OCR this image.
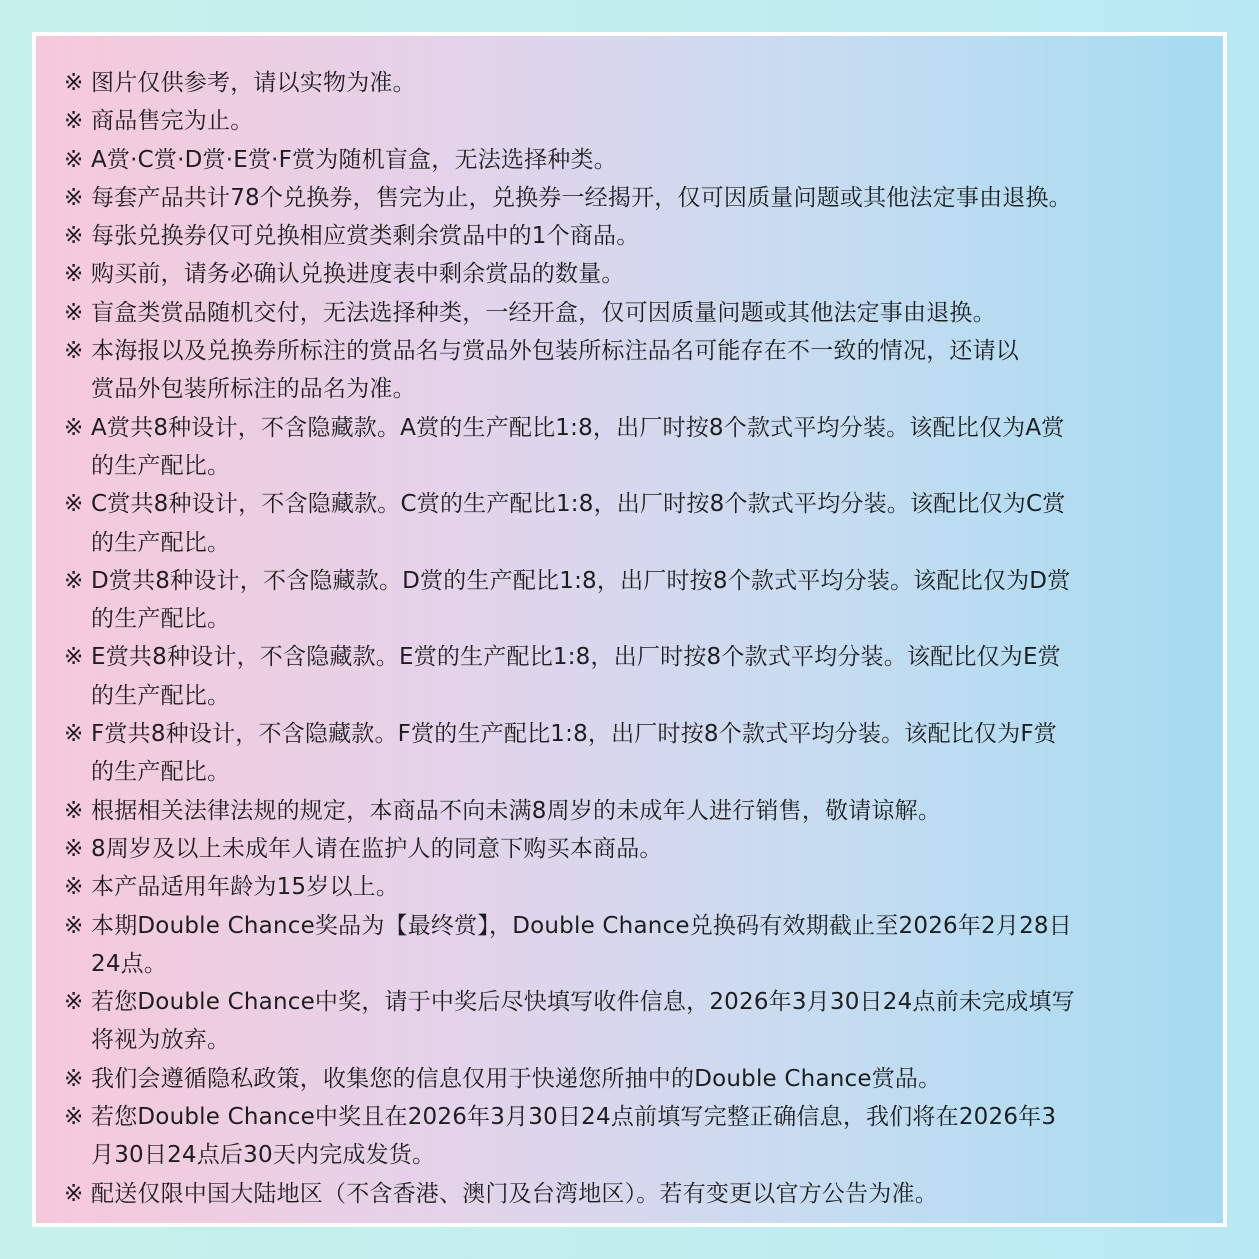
※ 图片仅供参考，请以实物为准。
※ 商品售完为止。
※ A赏·C赏·D赏·E赏·F赏为随机盲盒，无法选择种类。
※ 每套产品共计78个兑换券，售完为止，兑换券一经揭开，仅可因质量问题或其他法定事由退换。
※ 每张兑换券仅可兑换相应赏类剩余赏品中的1个商品。
※ 购买前，请务必确认兑换进度表中剩余赏品的数量。
※ 盲盒类赏品随机交付，无法选择种类，一经开盒，仅可因质量问题或其他法定事由退换。
※ 本海报以及兑换券所标注的赏品名与赏品外包装所标注品名可能存在不一致的情况，还请以
赏品外包装所标注的品名为准。
※ A赏共8种设计，不含隐藏款。A赏的生产配比1:8，出厂时按8个款式平均分装。该配比仅为A赏
的生产配比。
※ C赏共8种设计，不含隐藏款。C赏的生产配比1:8，出厂时按8个款式平均分装。该配比仅为C赏
的生产配比。
※ D赏共8种设计，不含隐藏款。D赏的生产配比1:8，出厂时按8个款式平均分装。该配比仅为D赏
的生产配比。
※ E赏共8种设计，不含隐藏款。E赏的生产配比1:8，出厂时按8个款式平均分装。该配比仅为E赏
的生产配比。
※ F赏共8种设计，不含隐藏款。F赏的生产配比1:8，出厂时按8个款式平均分装。该配比仅为F赏
的生产配比。
※ 根据相关法律法规的规定，本商品不向未满8周岁的未成年人进行销售，敬请谅解。
※ 8周岁及以上未成年人请在监护人的同意下购买本商品。
※ 本产品适用年龄为15岁以上。
※ 本期Double Chance奖品为【最终赏】，Double Chance兑换码有效期截止至2026年2月28日
24点。
※ 若您Double Chance中奖，请于中奖后尽快填写收件信息，2026年3月30日24点前未完成填写
将视为放弃。
※ 我们会遵循隐私政策，收集您的信息仅用于快递您所抽中的Double Chance赏品。
※ 若您Double Chance中奖且在2026年3月30日24点前填写完整正确信息，我们将在2026年3
月30日24点后30天内完成发货。
※ 配送仅限中国大陆地区（不含香港、澳门及台湾地区）。若有变更以官方公告为准。
